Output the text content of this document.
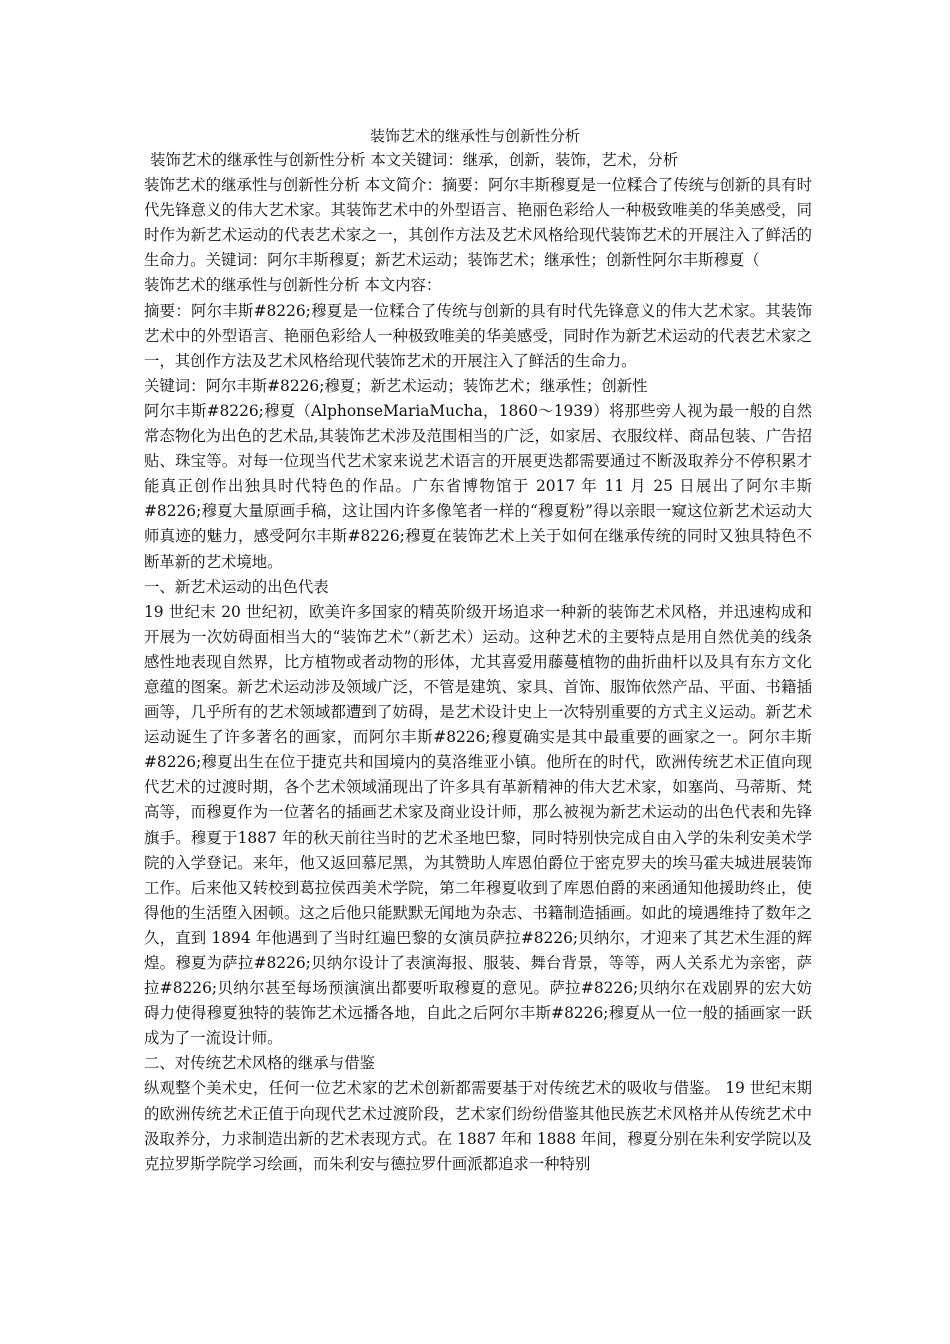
装饰艺术的继承性与创新性分析

装饰艺术的继承性与创新性分析 本文关键词：继承，创新，装饰，艺术，分析

装饰艺术的继承性与创新性分析 本文简介：摘要：阿尔丰斯穆夏是一位糅合了传统与创新的具有时代先锋意义的伟大艺术家。其装饰艺术中的外型语言、艳丽色彩给人一种极致唯美的华美感受，同时作为新艺术运动的代表艺术家之一，其创作方法及艺术风格给现代装饰艺术的开展注入了鲜活的生命力。关键词：阿尔丰斯穆夏；新艺术运动；装饰艺术；继承性；创新性阿尔丰斯穆夏（

装饰艺术的继承性与创新性分析 本文内容：

摘要：阿尔丰斯#8226;穆夏是一位糅合了传统与创新的具有时代先锋意义的伟大艺术家。其装饰艺术中的外型语言、艳丽色彩给人一种极致唯美的华美感受，同时作为新艺术运动的代表艺术家之一，其创作方法及艺术风格给现代装饰艺术的开展注入了鲜活的生命力。

关键词：阿尔丰斯#8226;穆夏；新艺术运动；装饰艺术；继承性；创新性

阿尔丰斯#8226;穆夏（AlphonseMariaMucha，1860～1939）将那些旁人视为最一般的自然常态物化为出色的艺术品,其装饰艺术涉及范围相当的广泛，如家居、衣服纹样、商品包装、广告招贴、珠宝等。对每一位现当代艺术家来说艺术语言的开展更迭都需要通过不断汲取养分不停积累才能真正创作出独具时代特色的作品。广东省博物馆于 2017 年 11 月 25 日展出了阿尔丰斯#8226;穆夏大量原画手稿，这让国内许多像笔者一样的“穆夏粉”得以亲眼一窥这位新艺术运动大师真迹的魅力，感受阿尔丰斯#8226;穆夏在装饰艺术上关于如何在继承传统的同时又独具特色不断革新的艺术境地。

一、新艺术运动的出色代表

19 世纪末 20 世纪初，欧美许多国家的精英阶级开场追求一种新的装饰艺术风格，并迅速构成和开展为一次妨碍面相当大的“装饰艺术”（新艺术）运动。这种艺术的主要特点是用自然优美的线条感性地表现自然界，比方植物或者动物的形体，尤其喜爱用藤蔓植物的曲折曲杆以及具有东方文化意蕴的图案。新艺术运动涉及领域广泛，不管是建筑、家具、首饰、服饰依然产品、平面、书籍插画等，几乎所有的艺术领域都遭到了妨碍，是艺术设计史上一次特别重要的方式主义运动。新艺术运动诞生了许多著名的画家，而阿尔丰斯#8226;穆夏确实是其中最重要的画家之一。阿尔丰斯#8226;穆夏出生在位于捷克共和国境内的莫洛维亚小镇。他所在的时代，欧洲传统艺术正值向现代艺术的过渡时期，各个艺术领域涌现出了许多具有革新精神的伟大艺术家，如塞尚、马蒂斯、梵高等，而穆夏作为一位著名的插画艺术家及商业设计师，那么被视为新艺术运动的出色代表和先锋旗手。穆夏于1887 年的秋天前往当时的艺术圣地巴黎，同时特别快完成自由入学的朱利安美术学院的入学登记。来年，他又返回慕尼黑，为其赞助人库恩伯爵位于密克罗夫的埃马霍夫城进展装饰工作。后来他又转校到葛拉侯西美术学院，第二年穆夏收到了库恩伯爵的来函通知他援助终止，使得他的生活堕入困顿。这之后他只能默默无闻地为杂志、书籍制造插画。如此的境遇维持了数年之久，直到 1894 年他遇到了当时红遍巴黎的女演员萨拉#8226;贝纳尔，才迎来了其艺术生涯的辉煌。穆夏为萨拉#8226;贝纳尔设计了表演海报、服装、舞台背景，等等，两人关系尤为亲密，萨拉#8226;贝纳尔甚至每场预演演出都要听取穆夏的意见。萨拉#8226;贝纳尔在戏剧界的宏大妨碍力使得穆夏独特的装饰艺术远播各地，自此之后阿尔丰斯#8226;穆夏从一位一般的插画家一跃成为了一流设计师。

二、对传统艺术风格的继承与借鉴

纵观整个美术史，任何一位艺术家的艺术创新都需要基于对传统艺术的吸收与借鉴。 19 世纪末期的欧洲传统艺术正值于向现代艺术过渡阶段，艺术家们纷纷借鉴其他民族艺术风格并从传统艺术中汲取养分，力求制造出新的艺术表现方式。在 1887 年和 1888 年间，穆夏分别在朱利安学院以及克拉罗斯学院学习绘画，而朱利安与德拉罗什画派都追求一种特别
